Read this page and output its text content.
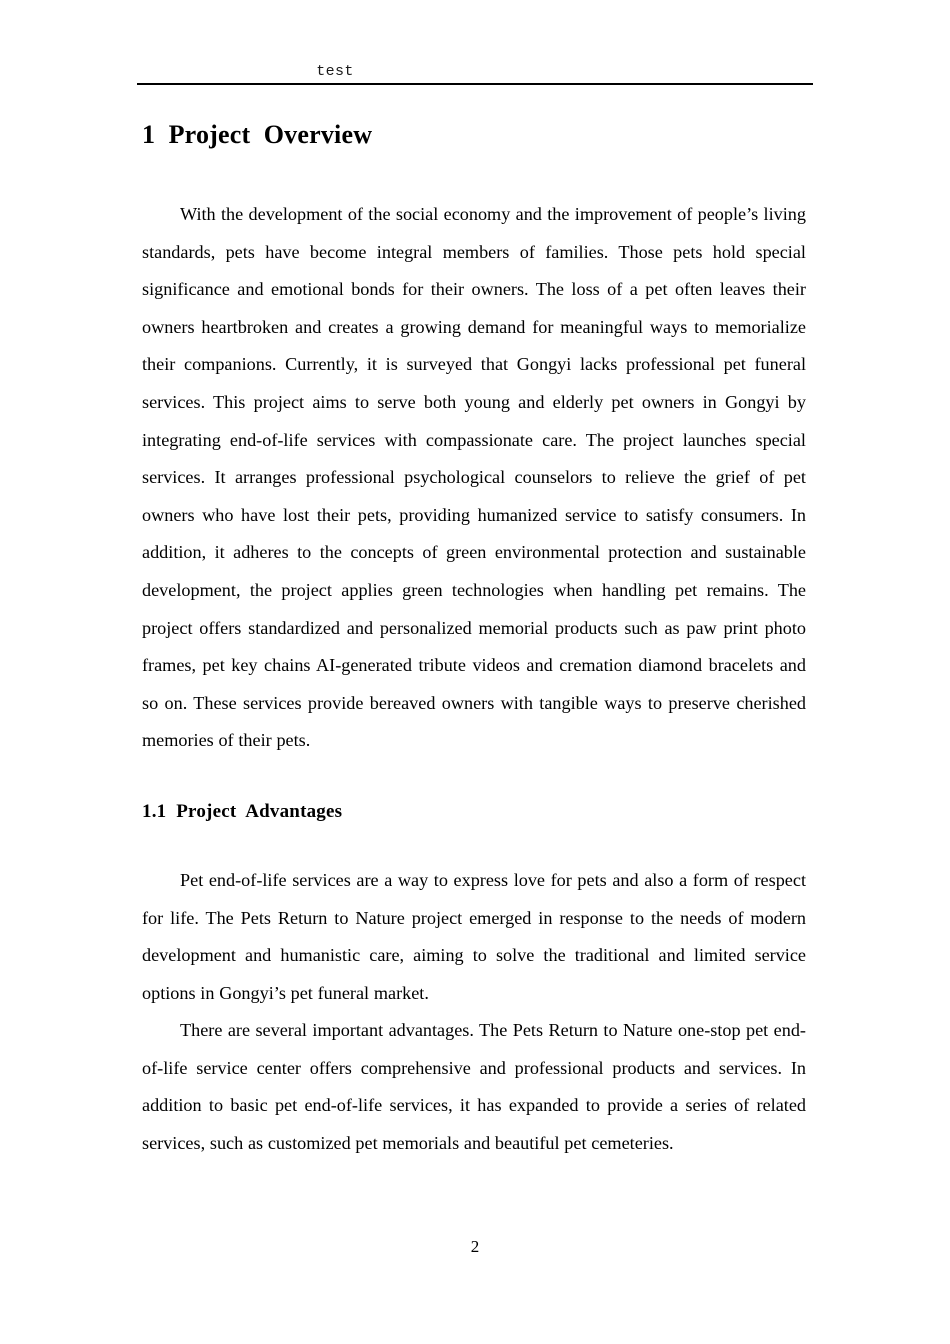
test
1  Project  Overview

With the development of the social economy and the improvement of people’s living standards, pets have become integral members of families. Those pets hold special significance and emotional bonds for their owners. The loss of a pet often leaves their owners heartbroken and creates a growing demand for meaningful ways to memorialize their companions. Currently, it is surveyed that Gongyi lacks professional pet funeral services. This project aims to serve both young and elderly pet owners in Gongyi by integrating end-of-life services with compassionate care. The project launches special services. It arranges professional psychological counselors to relieve the grief of pet owners who have lost their pets, providing humanized service to satisfy consumers. In addition, it adheres to the concepts of green environmental protection and sustainable development, the project applies green technologies when handling pet remains. The project offers standardized and personalized memorial products such as paw print photo frames, pet key chains AI-generated tribute videos and cremation diamond bracelets and so on. These services provide bereaved owners with tangible ways to preserve cherished memories of their pets.

1.1  Project  Advantages

Pet end-of-life services are a way to express love for pets and also a form of respect for life. The Pets Return to Nature project emerged in response to the needs of modern development and humanistic care, aiming to solve the traditional and limited service options in Gongyi’s pet funeral market.

There are several important advantages. The Pets Return to Nature one-stop pet end-of-life service center offers comprehensive and professional products and services. In addition to basic pet end-of-life services, it has expanded to provide a series of related services, such as customized pet memorials and beautiful pet cemeteries.

2
